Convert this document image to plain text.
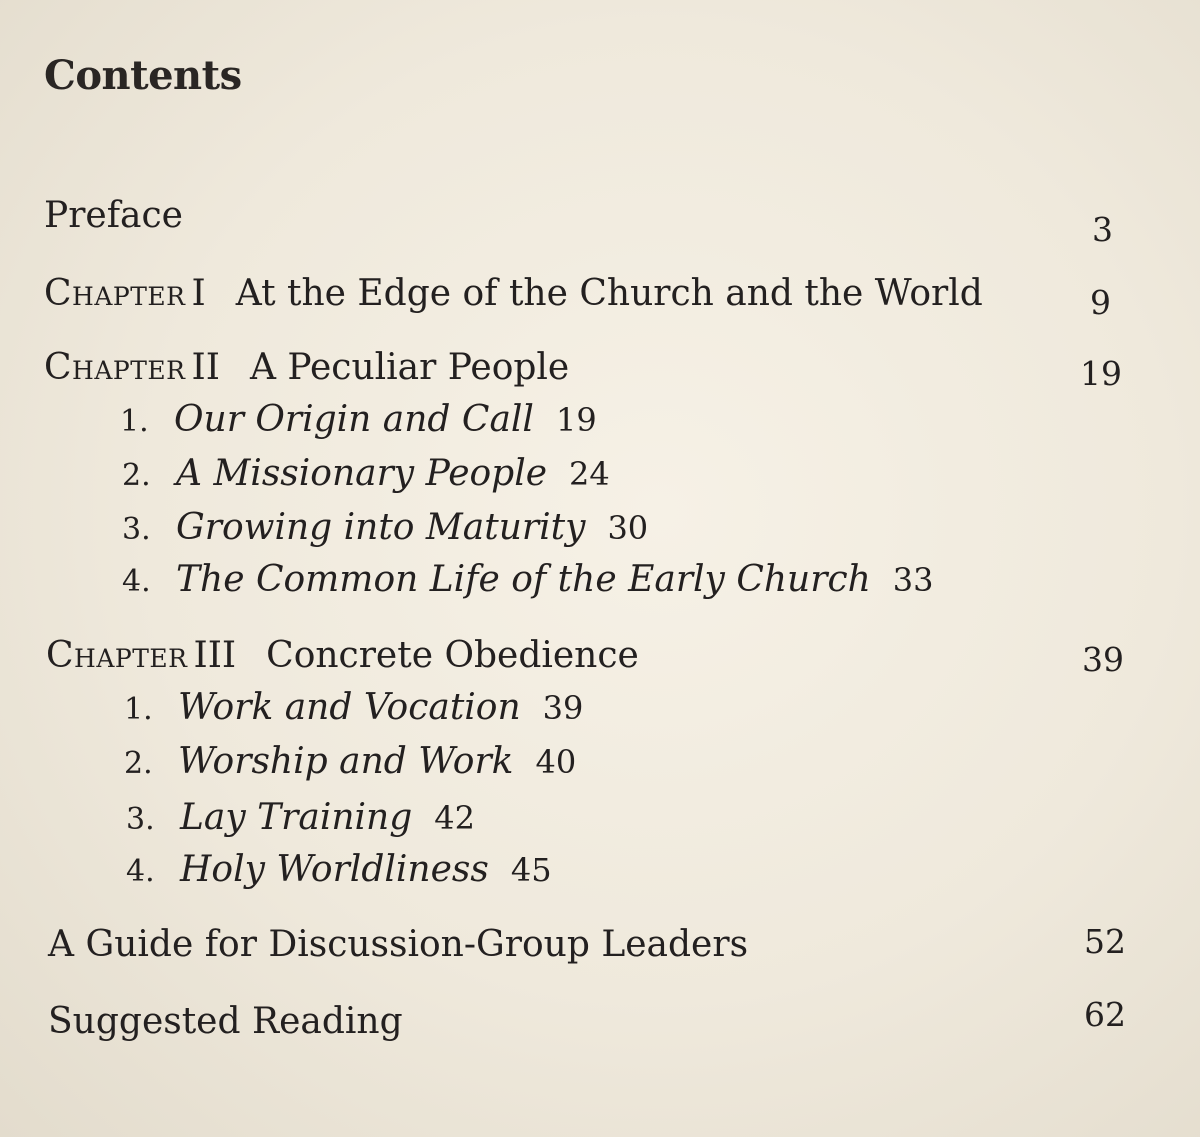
Contents
Preface	3
Chapter I At the Edge of the Church and the World	9
Chapter II A Peculiar People	19
1. Our Origin and Call 19
2. A Missionary People 24
3. Growing into Maturity 30
4. The Common Life of the Early Church 33
Chapter III Concrete Obedience	39
1. Work and Vocation 39
2. Worship and Work 40
3. Lay Training 42
4. Holy Worldliness 45
A Guide for Discussion-Group Leaders	52
Suggested Reading	62
